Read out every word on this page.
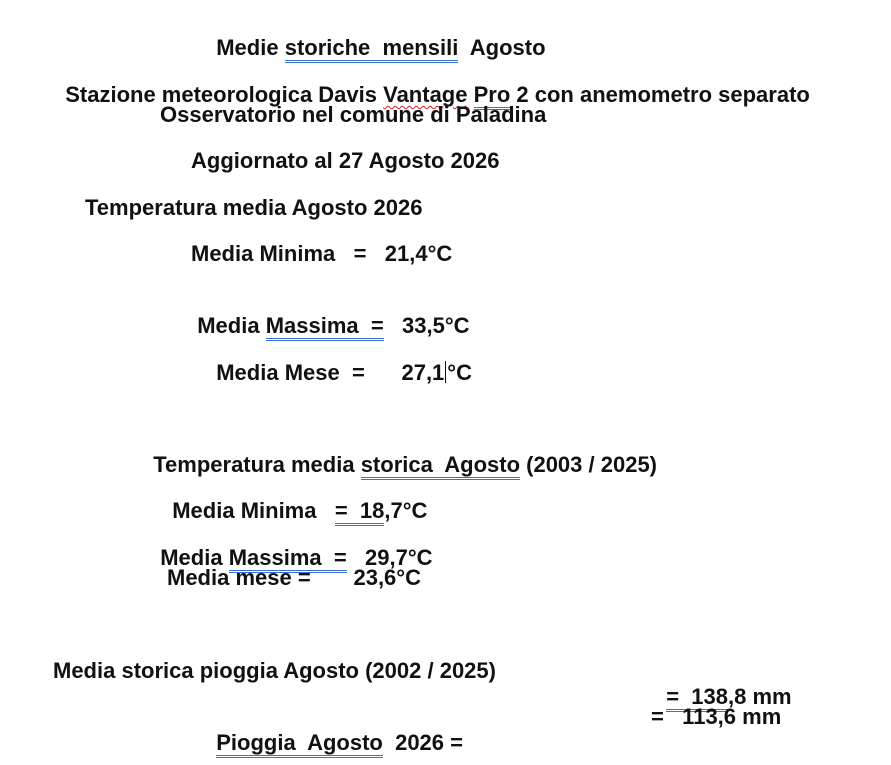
Medie storiche  mensili  Agosto

Stazione meteorologica Davis Vantage Pro 2 con anemometro separato

Osservatorio nel comune di Paladina
Aggiornato al 27 Agosto 2026
Temperatura media Agosto 2026
Media Minima   =   21,4°C

Media Massima  =   33,5°C

Media Mese  =      27,1 °C

Temperatura media storica  Agosto (2003 / 2025)

Media Minima   =  18,7°C

Media Massima  =   29,7°C

Media mese =       23,6°C
Media storica pioggia Agosto (2002 / 2025)

=  138,8 mm

Pioggia  Agosto  2026 =

=   113,6 mm
